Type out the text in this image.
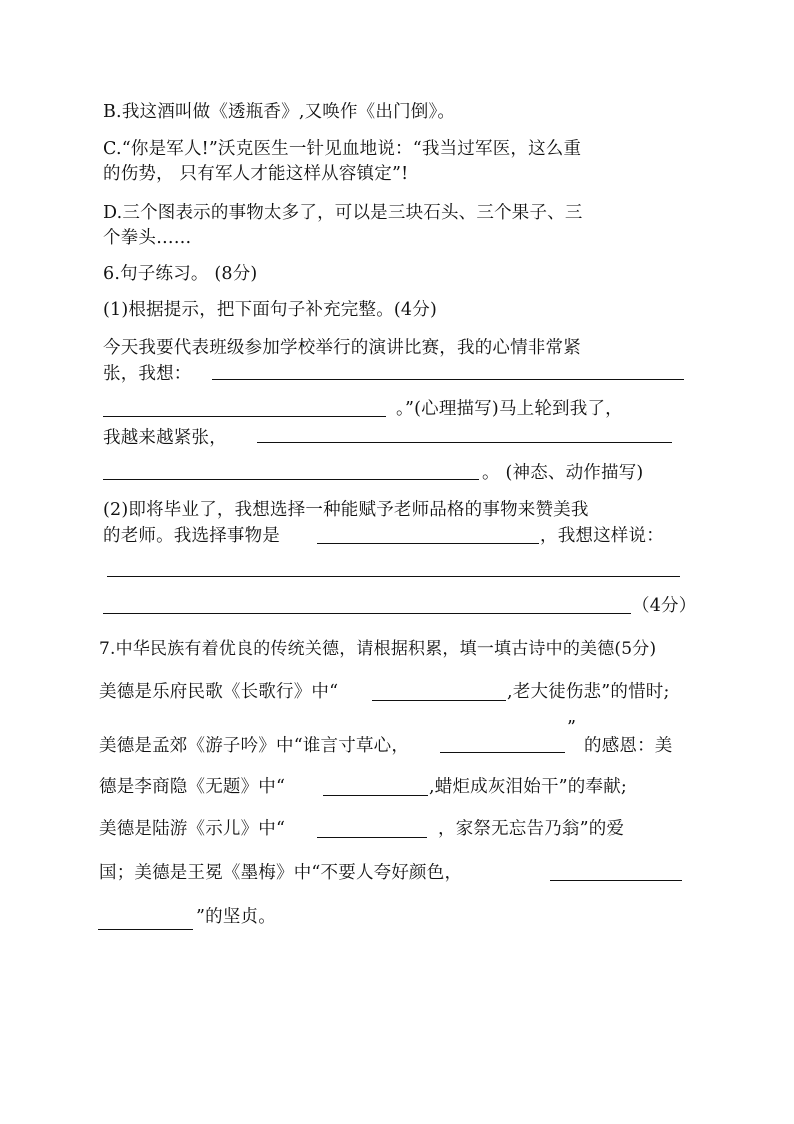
B.我这酒叫做《透瓶香》,又唤作《出门倒》。
C.“你是军人!”沃克医生一针见血地说：“我当过军医，这么重
的伤势， 只有军人才能这样从容镇定”!
D.三个图表示的事物太多了，可以是三块石头、三个果子、三
个拳头……
6.句子练习。 (8分)
(1)根据提示，把下面句子补充完整。(4分)
今天我要代表班级参加学校举行的演讲比赛，我的心情非常紧
张，我想：
。”(心理描写)马上轮到我了，
我越来越紧张，
。 (神态、动作描写)
(2)即将毕业了，我想选择一种能赋予老师品格的事物来赞美我
的老师。我选择事物是	，我想这样说：
（4分）
7.中华民族有着优良的传统关德，请根据积累，填一填古诗中的美德(5分)
美德是乐府民歌《长歌行》中“	,老大徒伤悲”的惜时;
美德是孟郊《游子吟》中“谁言寸草心，
”
的感恩：美
德是李商隐《无题》中“	,蜡炬成灰泪始干”的奉献;
美德是陆游《示儿》中“	，家祭无忘告乃翁”的爱
国；美德是王冕《墨梅》中“不要人夸好颜色，
”的坚贞。
